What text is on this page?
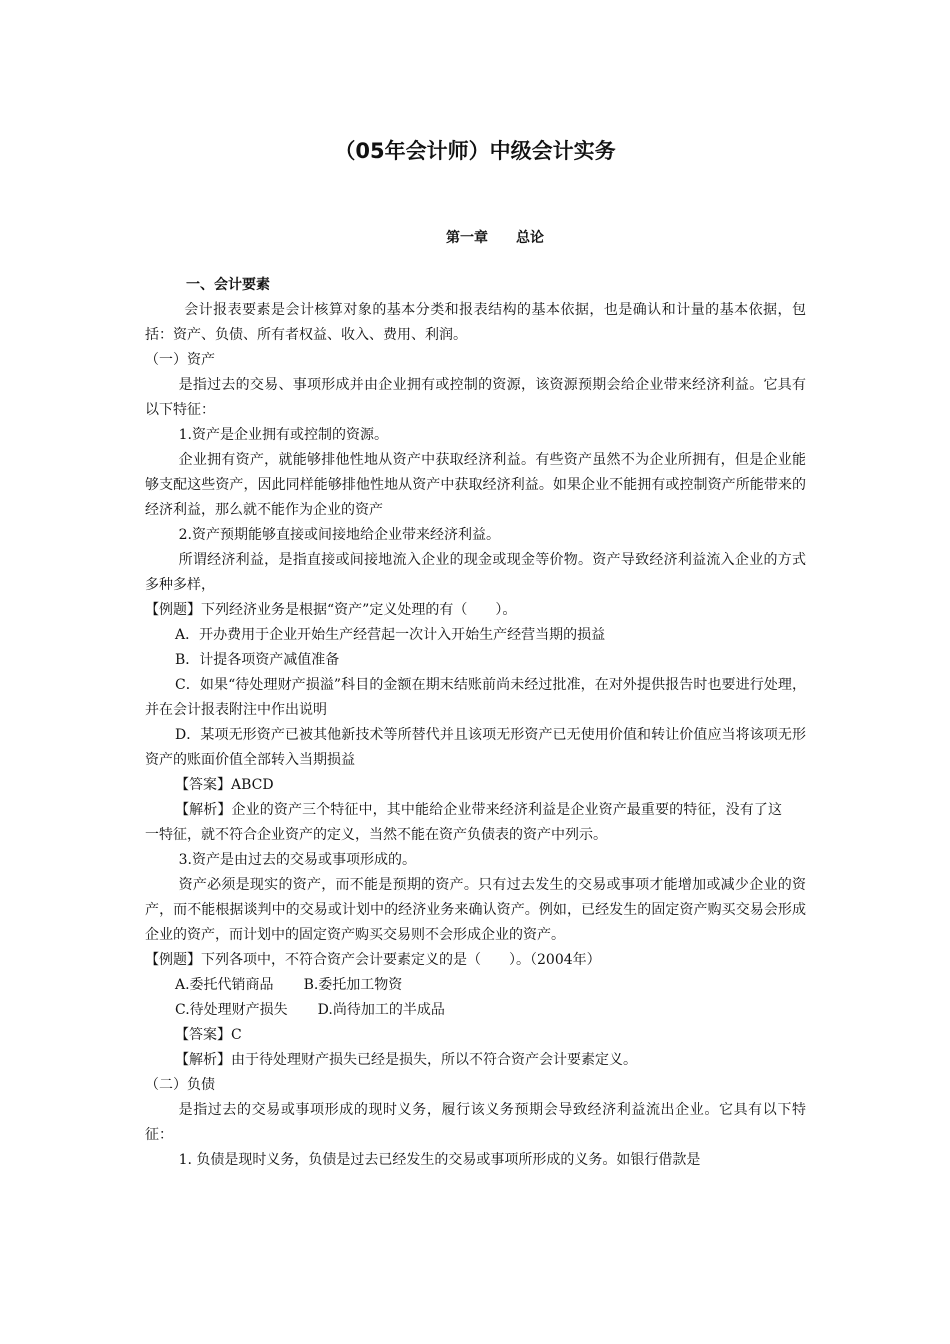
（05年会计师）中级会计实务
第一章　　总论

一、会计要素

会计报表要素是会计核算对象的基本分类和报表结构的基本依据，也是确认和计量的基本依据，包括：资产、负债、所有者权益、收入、费用、利润。

（一）资产

是指过去的交易、事项形成并由企业拥有或控制的资源，该资源预期会给企业带来经济利益。它具有以下特征：

1.资产是企业拥有或控制的资源。

企业拥有资产，就能够排他性地从资产中获取经济利益。有些资产虽然不为企业所拥有，但是企业能够支配这些资产，因此同样能够排他性地从资产中获取经济利益。如果企业不能拥有或控制资产所能带来的经济利益，那么就不能作为企业的资产

2.资产预期能够直接或间接地给企业带来经济利益。

所谓经济利益，是指直接或间接地流入企业的现金或现金等价物。资产导致经济利益流入企业的方式多种多样，

【例题】下列经济业务是根据“资产”定义处理的有（　　）。

A．开办费用于企业开始生产经营起一次计入开始生产经营当期的损益

B．计提各项资产减值准备

C．如果“待处理财产损溢”科目的金额在期末结账前尚未经过批准，在对外提供报告时也要进行处理，并在会计报表附注中作出说明

D．某项无形资产已被其他新技术等所替代并且该项无形资产已无使用价值和转让价值应当将该项无形资产的账面价值全部转入当期损益

【答案】ABCD

【解析】企业的资产三个特征中，其中能给企业带来经济利益是企业资产最重要的特征，没有了这一特征，就不符合企业资产的定义，当然不能在资产负债表的资产中列示。

3.资产是由过去的交易或事项形成的。

资产必须是现实的资产，而不能是预期的资产。只有过去发生的交易或事项才能增加或减少企业的资产，而不能根据谈判中的交易或计划中的经济业务来确认资产。例如，已经发生的固定资产购买交易会形成企业的资产，而计划中的固定资产购买交易则不会形成企业的资产。

【例题】下列各项中，不符合资产会计要素定义的是（　　）。（2004年）

A.委托代销商品 B.委托加工物资

C.待处理财产损失 D.尚待加工的半成品

【答案】C

【解析】由于待处理财产损失已经是损失，所以不符合资产会计要素定义。

（二）负债

是指过去的交易或事项形成的现时义务，履行该义务预期会导致经济利益流出企业。它具有以下特征：

1. 负债是现时义务，负债是过去已经发生的交易或事项所形成的义务。如银行借款是
